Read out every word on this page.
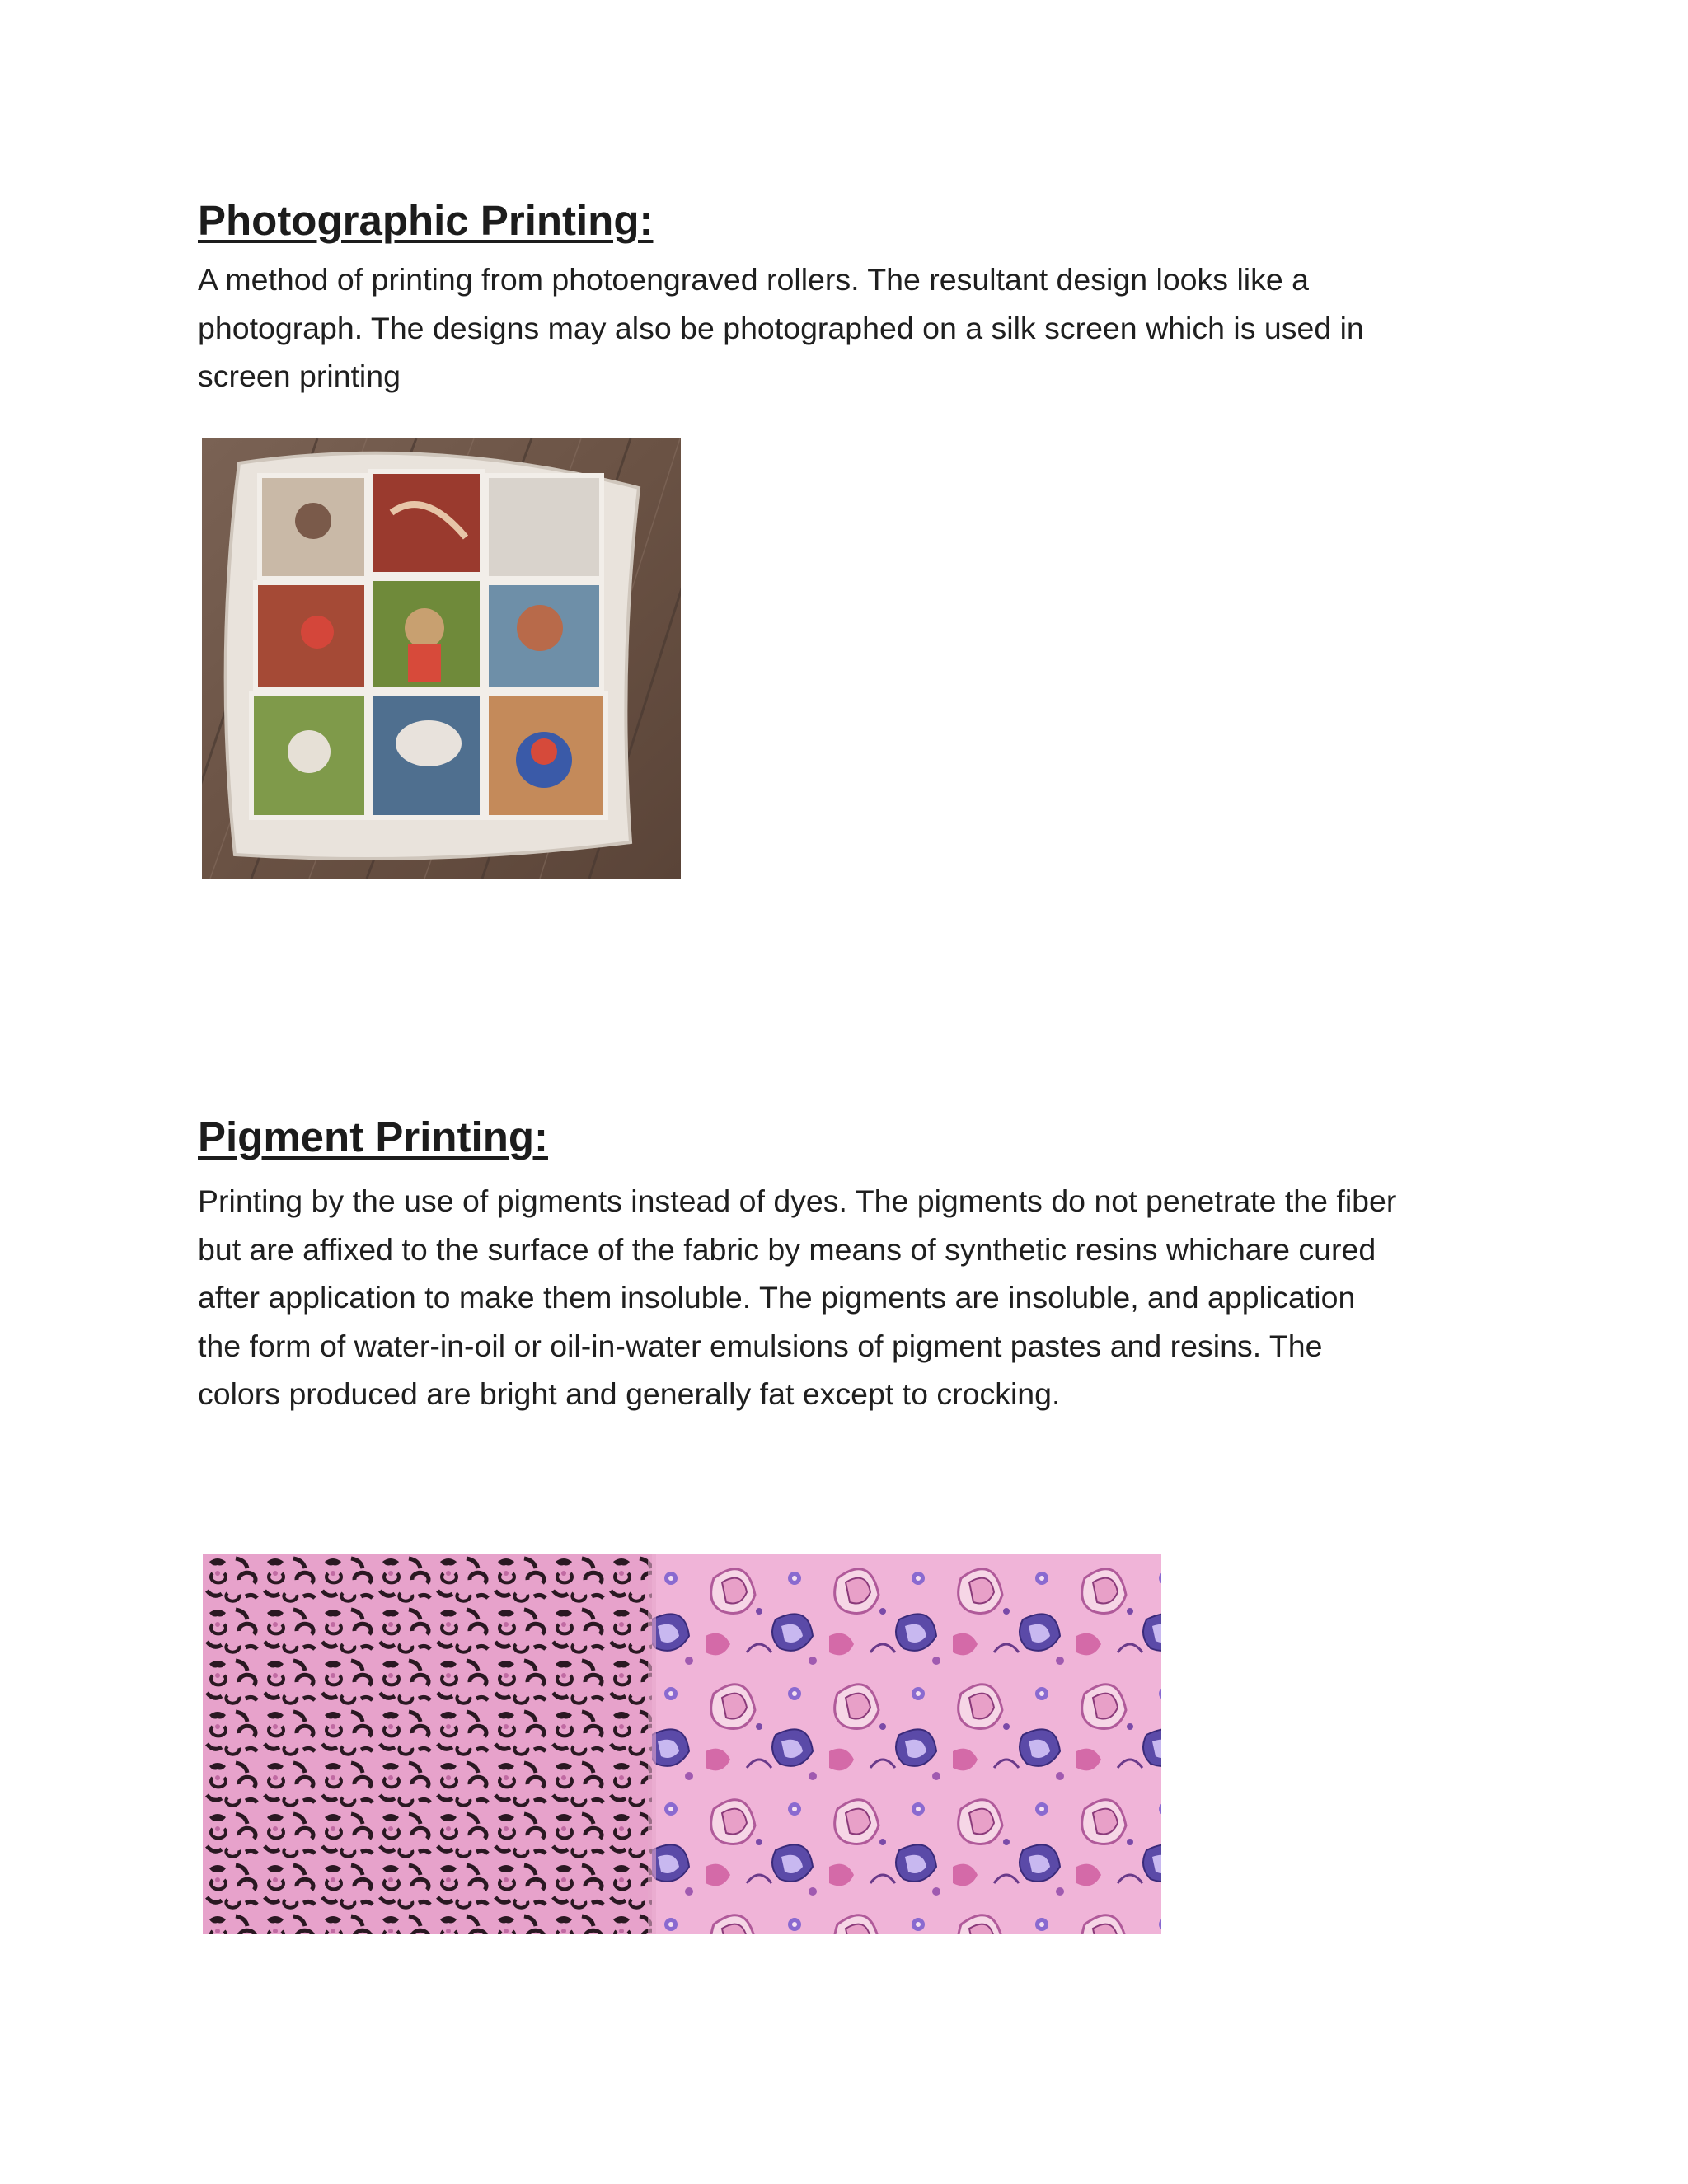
Photographic Printing:
A method of printing from photoengraved rollers. The resultant design looks like a
photograph. The designs may also be photographed on a silk screen which is used in
screen printing
Pigment Printing:
Printing by the use of pigments instead of dyes. The pigments do not penetrate the fiber
but are affixed to the surface of the fabric by means of synthetic resins whichare cured
after application to make them insoluble. The pigments are insoluble, and application
the form of water-in-oil or oil-in-water emulsions of pigment pastes and resins. The
colors produced are bright and generally fat except to crocking.
